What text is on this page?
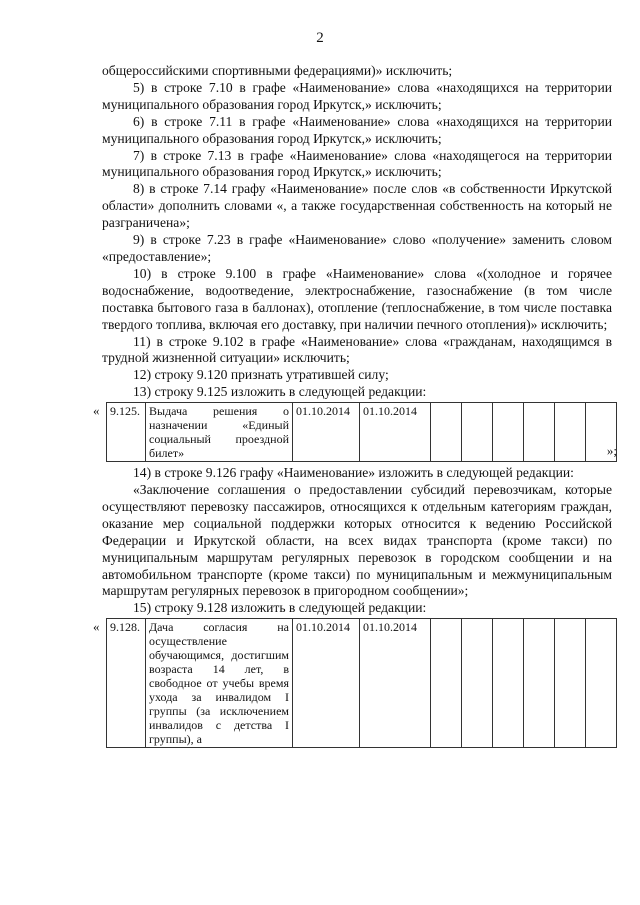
2

общероссийскими спортивными федерациями)» исключить;

5) в строке 7.10 в графе «Наименование» слова «находящихся на территории муниципального образования город Иркутск,» исключить;

6) в строке 7.11 в графе «Наименование» слова «находящихся на территории муниципального образования город Иркутск,» исключить;

7) в строке 7.13 в графе «Наименование» слова «находящегося на территории муниципального образования город Иркутск,» исключить;

8) в строке 7.14 графу «Наименование» после слов «в собственности Иркутской области» дополнить словами «, а также государственная собственность на который не разграничена»;

9) в строке 7.23 в графе «Наименование» слово «получение» заменить словом «предоставление»;

10) в строке 9.100 в графе «Наименование» слова «(холодное и горячее водоснабжение, водоотведение, электроснабжение, газоснабжение (в том числе поставка бытового газа в баллонах), отопление (теплоснабжение, в том числе поставка твердого топлива, включая его доставку, при наличии печного отопления)» исключить;

11) в строке 9.102 в графе «Наименование» слова «гражданам, находящимся в трудной жизненной ситуации» исключить;

12) строку 9.120 признать утратившей силу;

13) строку 9.125 изложить в следующей редакции:

« 9.125.	Выдача решения о назначении «Единый социальный проездной билет»	01.10.2014	01.10.2014						
»;

14) в строке 9.126 графу «Наименование» изложить в следующей редакции:

«Заключение соглашения о предоставлении субсидий перевозчикам, которые осуществляют перевозку пассажиров, относящихся к отдельным категориям граждан, оказание мер социальной поддержки которых относится к ведению Российской Федерации и Иркутской области, на всех видах транспорта (кроме такси) по муниципальным маршрутам регулярных перевозок в городском сообщении и на автомобильном транспорте (кроме такси) по муниципальным и межмуниципальным маршрутам регулярных перевозок в пригородном сообщении»;

15) строку 9.128 изложить в следующей редакции:

« 9.128.	Дача согласия на осуществление обучающимся, достигшим возраста 14 лет, в свободное от учебы время ухода за инвалидом I группы (за исключением инвалидов с детства I группы), а	01.10.2014	01.10.2014						
